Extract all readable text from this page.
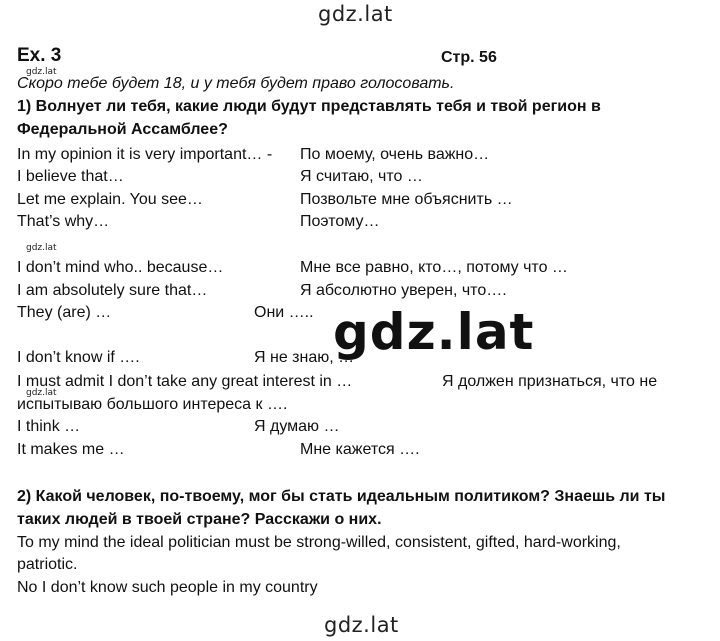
gdz.lat
Ex. 3	Стр. 56
gdz.lat
Скоро тебе будет 18, и у тебя будет право голосовать.
1) Волнует ли тебя, какие люди будут представлять тебя и твой регион в
Федеральной Ассамблее?
In my opinion it is very important… - По моему, очень важно…
I believe that…	Я считаю, что …
Let me explain. You see…	Позвольте мне объяснить …
That’s why…	Поэтому…
gdz.lat
I don’t mind who.. because…	Мне все равно, кто…, потому что …
I am absolutely sure that…	Я абсолютно уверен, что….
They (are) …	Они ….. gdz.lat
I don’t know if ….	Я не знаю, …
I must admit I don’t take any great interest in …	Я должен признаться, что не
gdz.lat
испытываю большого интереса к ….
I think …	Я думаю …
It makes me …	Мне кажется ….
2) Какой человек, по-твоему, мог бы стать идеальным политиком? Знаешь ли ты
таких людей в твоей стране? Расскажи о них.
To my mind the ideal politician must be strong-willed, consistent, gifted, hard-working,
patriotic.
No I don’t know such people in my country
gdz.lat
